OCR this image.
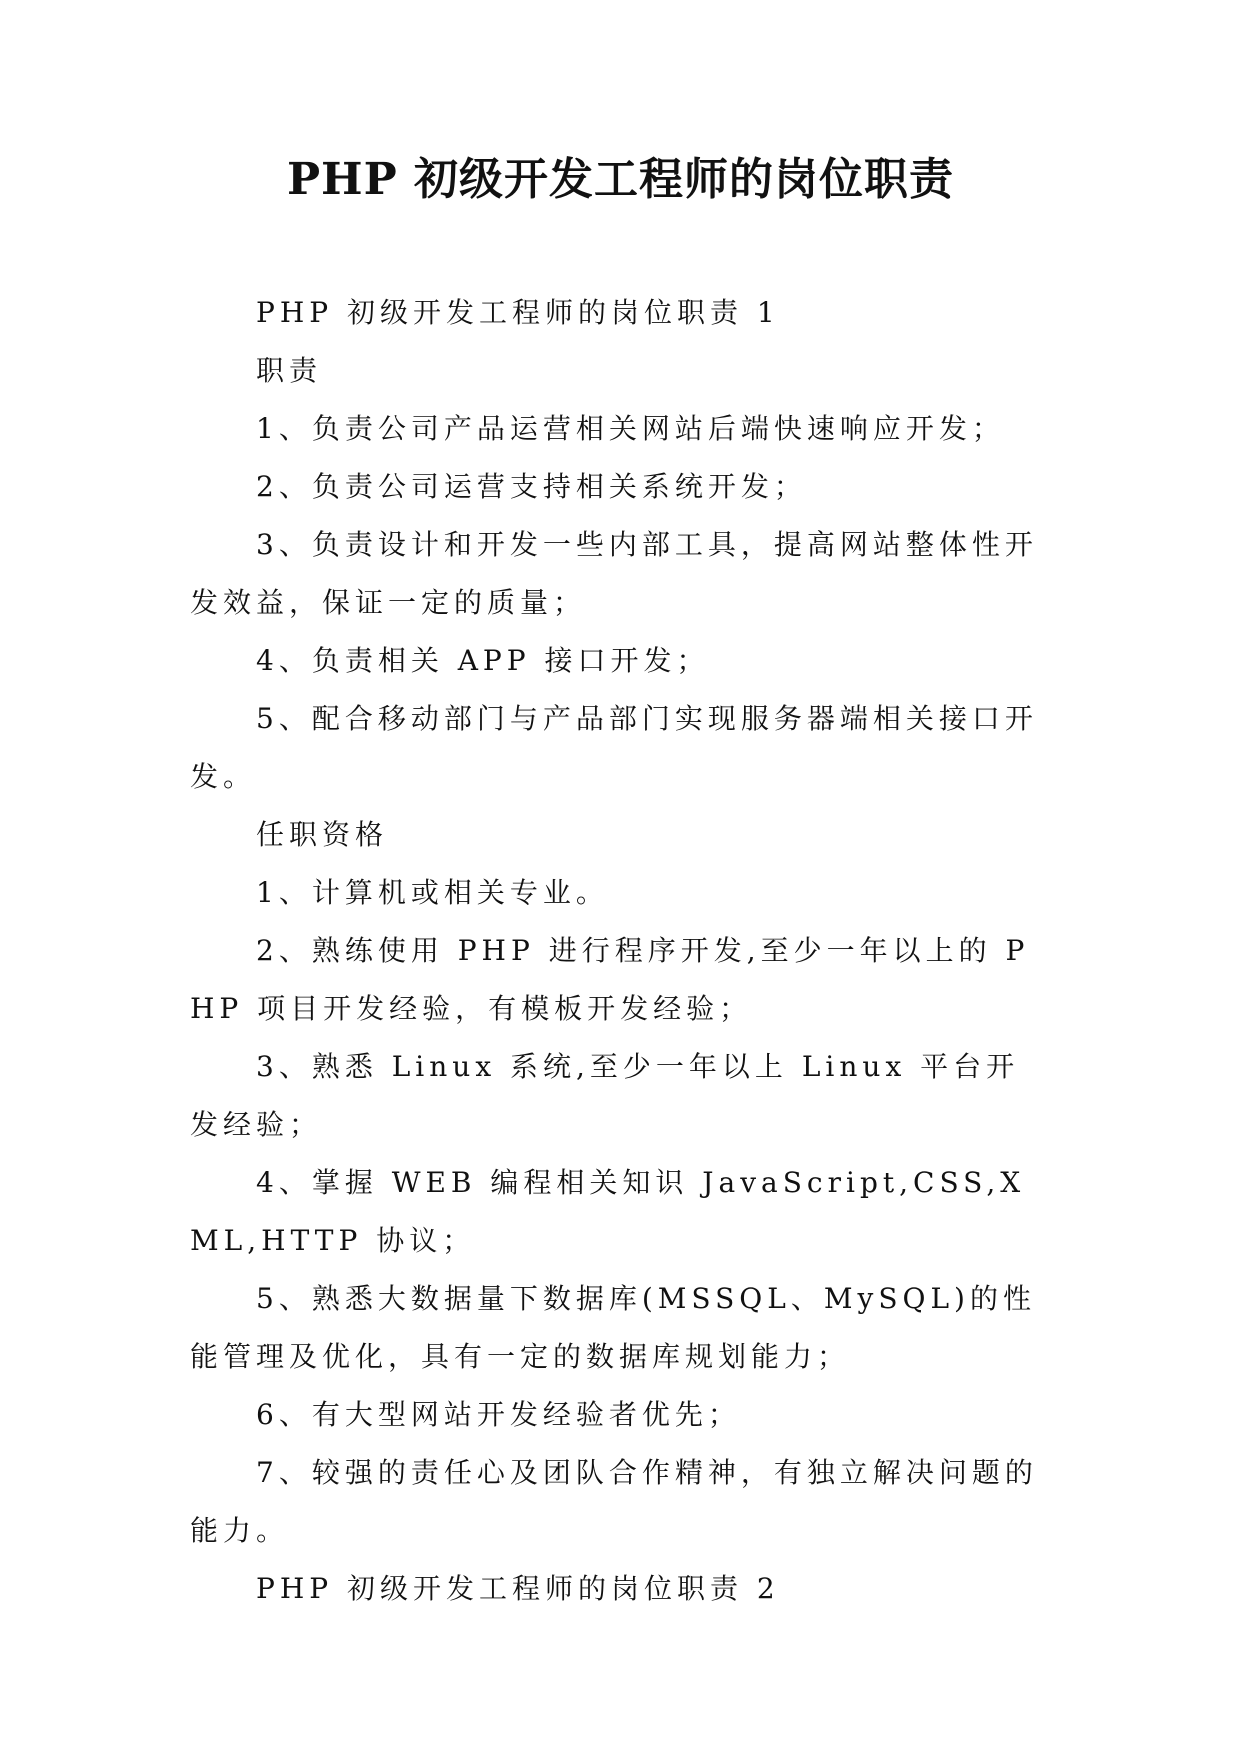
PHP 初级开发工程师的岗位职责

PHP 初级开发工程师的岗位职责 1

职责

1、负责公司产品运营相关网站后端快速响应开发；

2、负责公司运营支持相关系统开发；

3、负责设计和开发一些内部工具，提高网站整体性开发效益，保证一定的质量；

4、负责相关 APP 接口开发；

5、配合移动部门与产品部门实现服务器端相关接口开发。

任职资格

1、计算机或相关专业。

2、熟练使用 PHP 进行程序开发,至少一年以上的 PHP 项目开发经验，有模板开发经验；

3、熟悉 Linux 系统,至少一年以上 Linux 平台开发经验；

4、掌握 WEB 编程相关知识 JavaScript,CSS,XML,HTTP 协议；

5、熟悉大数据量下数据库(MSSQL、MySQL)的性能管理及优化，具有一定的数据库规划能力；

6、有大型网站开发经验者优先；

7、较强的责任心及团队合作精神，有独立解决问题的能力。

PHP 初级开发工程师的岗位职责 2
